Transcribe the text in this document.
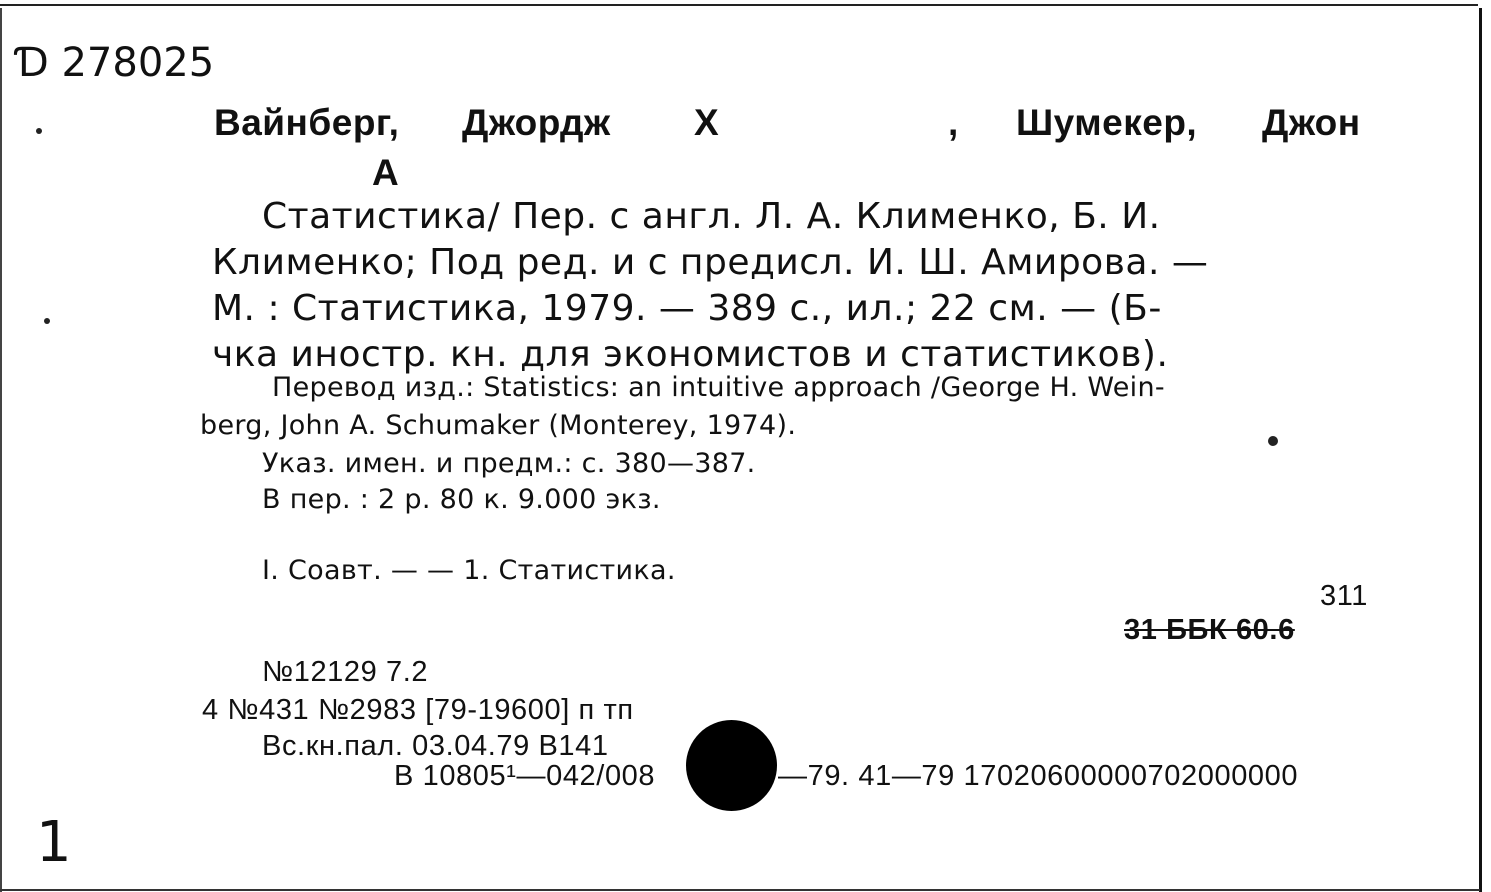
Ɗ 278025
Вайнберг, Джордж Х	, Шумекер, Джон
А
Статистика/ Пер. с англ. Л. А. Клименко, Б. И.
Клименко; Под ред. и с предисл. И. Ш. Амирова. —
М. : Статистика, 1979. — 389 с., ил.; 22 см. — (Б-
чка иностр. кн. для экономистов и статистиков).
Перевод изд.: Statistics: an intuitive approach /George H. Wein-
berg, John A. Schumaker (Monterey, 1974).
Указ. имен. и предм.: с. 380—387.
В пер. : 2 р. 80 к. 9.000 экз.
I. Соавт. — — 1. Статистика.
311
31 ББК 60.6
№12129 7.2
4 №431 №2983 [79-19600] п тп
Вс.кн.пал. 03.04.79 В141
В 10805¹—042/008	—79. 41—79 17020600000702000000
1
